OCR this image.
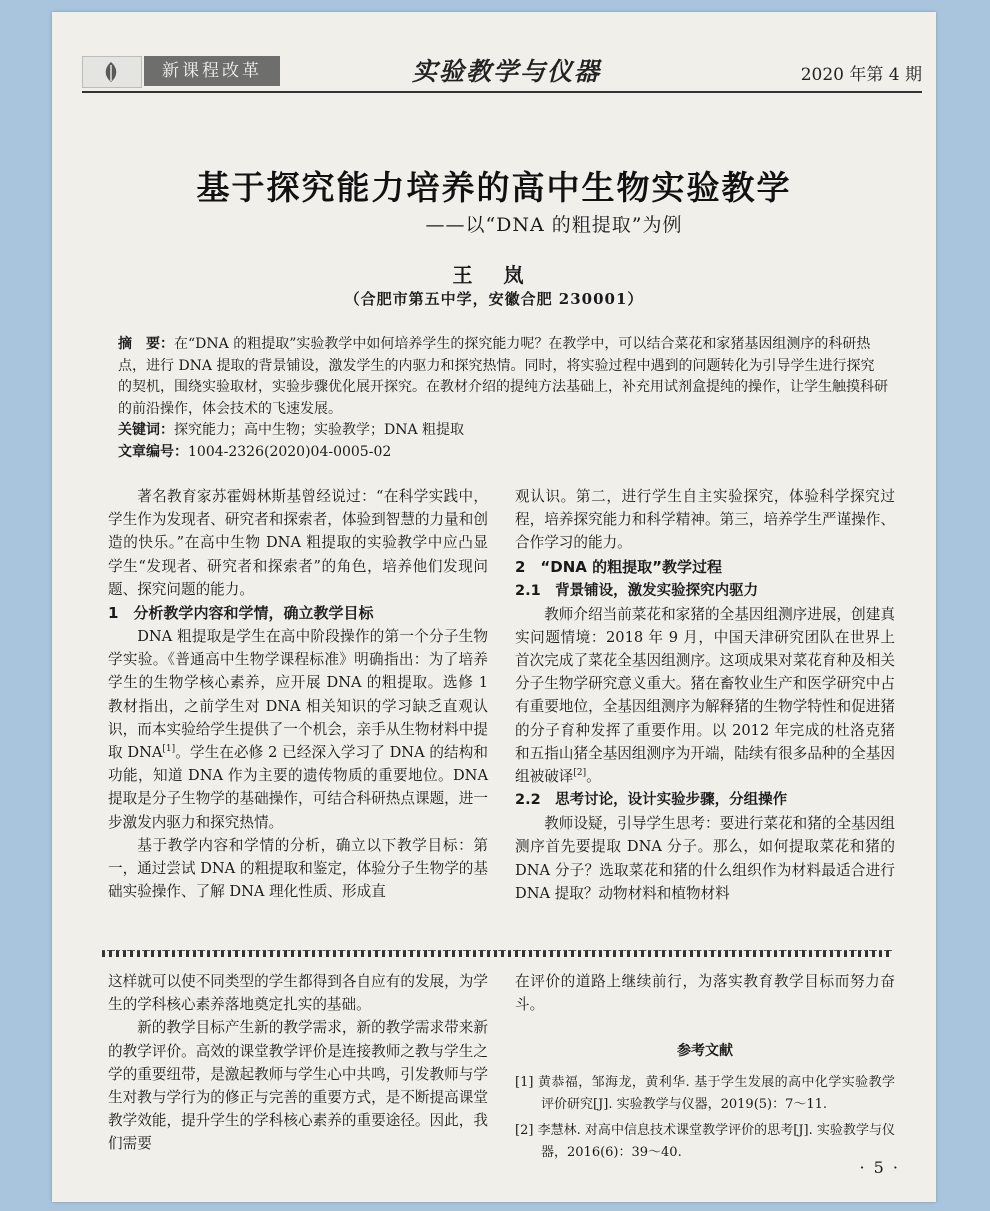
新课程改革	实验教学与仪器	2020 年第 4 期
基于探究能力培养的高中生物实验教学
——以“DNA 的粗提取”为例
王 岚
（合肥市第五中学，安徽合肥 230001）

摘　要：在“DNA 的粗提取”实验教学中如何培养学生的探究能力呢？在教学中，可以结合菜花和家猪基因组测序的科研热点，进行 DNA 提取的背景铺设，激发学生的内驱力和探究热情。同时，将实验过程中遇到的问题转化为引导学生进行探究的契机，围绕实验取材，实验步骤优化展开探究。在教材介绍的提纯方法基础上，补充用试剂盒提纯的操作，让学生触摸科研的前沿操作，体会技术的飞速发展。

关键词：探究能力；高中生物；实验教学；DNA 粗提取

文章编号：1004-2326(2020)04-0005-02

著名教育家苏霍姆林斯基曾经说过：“在科学实践中，学生作为发现者、研究者和探索者，体验到智慧的力量和创造的快乐。”在高中生物 DNA 粗提取的实验教学中应凸显学生“发现者、研究者和探索者”的角色，培养他们发现问题、探究问题的能力。

1　分析教学内容和学情，确立教学目标

DNA 粗提取是学生在高中阶段操作的第一个分子生物学实验。《普通高中生物学课程标准》明确指出：为了培养学生的生物学核心素养，应开展 DNA 的粗提取。选修 1 教材指出，之前学生对 DNA 相关知识的学习缺乏直观认识，而本实验给学生提供了一个机会，亲手从生物材料中提取 DNA[1]。学生在必修 2 已经深入学习了 DNA 的结构和功能，知道 DNA 作为主要的遗传物质的重要地位。DNA 提取是分子生物学的基础操作，可结合科研热点课题，进一步激发内驱力和探究热情。

基于教学内容和学情的分析，确立以下教学目标：第一，通过尝试 DNA 的粗提取和鉴定，体验分子生物学的基础实验操作、了解 DNA 理化性质、形成直

观认识。第二，进行学生自主实验探究，体验科学探究过程，培养探究能力和科学精神。第三，培养学生严谨操作、合作学习的能力。

2　“DNA 的粗提取”教学过程
2.1　背景铺设，激发实验探究内驱力

教师介绍当前菜花和家猪的全基因组测序进展，创建真实问题情境：2018 年 9 月，中国天津研究团队在世界上首次完成了菜花全基因组测序。这项成果对菜花育种及相关分子生物学研究意义重大。猪在畜牧业生产和医学研究中占有重要地位，全基因组测序为解释猪的生物学特性和促进猪的分子育种发挥了重要作用。以 2012 年完成的杜洛克猪和五指山猪全基因组测序为开端，陆续有很多品种的全基因组被破译[2]。

2.2　思考讨论，设计实验步骤，分组操作

教师设疑，引导学生思考：要进行菜花和猪的全基因组测序首先要提取 DNA 分子。那么，如何提取菜花和猪的 DNA 分子？选取菜花和猪的什么组织作为材料最适合进行 DNA 提取？动物材料和植物材料

这样就可以使不同类型的学生都得到各自应有的发展，为学生的学科核心素养落地奠定扎实的基础。

新的教学目标产生新的教学需求，新的教学需求带来新的教学评价。高效的课堂教学评价是连接教师之教与学生之学的重要纽带，是激起教师与学生心中共鸣，引发教师与学生对教与学行为的修正与完善的重要方式，是不断提高课堂教学效能，提升学生的学科核心素养的重要途径。因此，我们需要

在评价的道路上继续前行，为落实教育教学目标而努力奋斗。

参考文献
[1] 黄恭福，邹海龙，黄利华. 基于学生发展的高中化学实验教学评价研究[J]. 实验教学与仪器，2019(5)：7～11.
[2] 李慧林. 对高中信息技术课堂教学评价的思考[J]. 实验教学与仪器，2016(6)：39～40.
· 5 ·
